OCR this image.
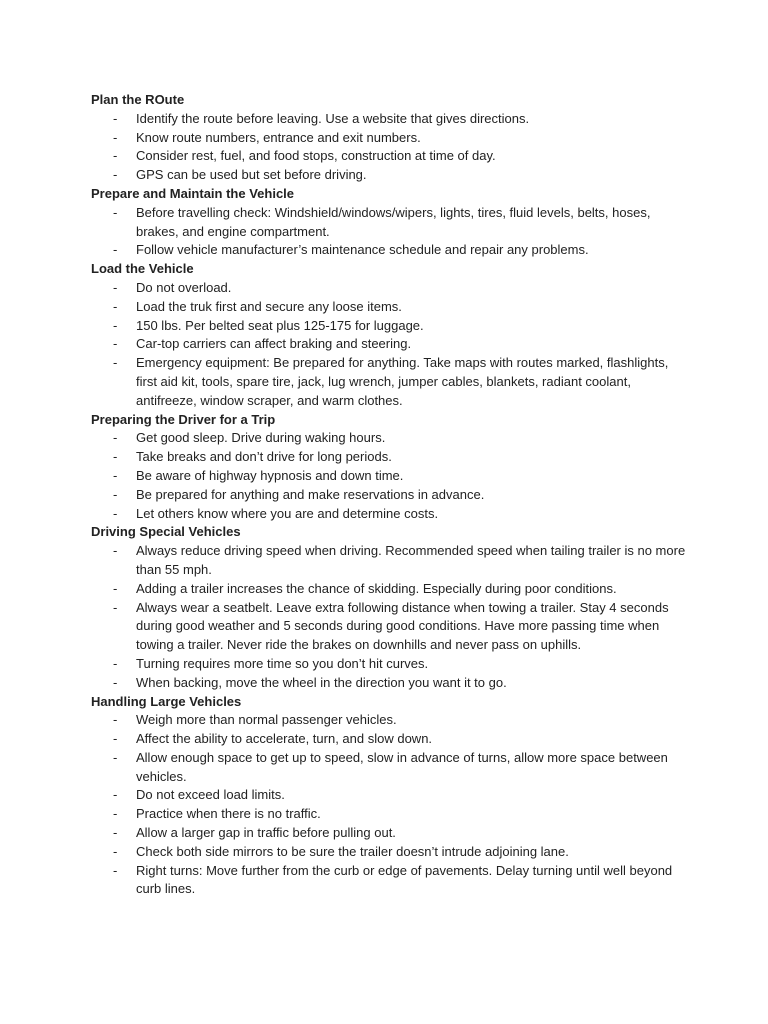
Plan the ROute
- Identify the route before leaving. Use a website that gives directions.
- Know route numbers, entrance and exit numbers.
- Consider rest, fuel, and food stops, construction at time of day.
- GPS can be used but set before driving.
Prepare and Maintain the Vehicle
- Before travelling check: Windshield/windows/wipers, lights, tires, fluid levels, belts, hoses, brakes, and engine compartment.
- Follow vehicle manufacturer’s maintenance schedule and repair any problems.
Load the Vehicle
- Do not overload.
- Load the truk first and secure any loose items.
- 150 lbs. Per belted seat plus 125-175 for luggage.
- Car-top carriers can affect braking and steering.
- Emergency equipment: Be prepared for anything. Take maps with routes marked, flashlights, first aid kit, tools, spare tire, jack, lug wrench, jumper cables, blankets, radiant coolant, antifreeze, window scraper, and warm clothes.
Preparing the Driver for a Trip
- Get good sleep. Drive during waking hours.
- Take breaks and don’t drive for long periods.
- Be aware of highway hypnosis and down time.
- Be prepared for anything and make reservations in advance.
- Let others know where you are and determine costs.
Driving Special Vehicles
- Always reduce driving speed when driving. Recommended speed when tailing trailer is no more than 55 mph.
- Adding a trailer increases the chance of skidding. Especially during poor conditions.
- Always wear a seatbelt. Leave extra following distance when towing a trailer. Stay 4 seconds during good weather and 5 seconds during good conditions. Have more passing time when towing a trailer. Never ride the brakes on downhills and never pass on uphills.
- Turning requires more time so you don’t hit curves.
- When backing, move the wheel in the direction you want it to go.
Handling Large Vehicles
- Weigh more than normal passenger vehicles.
- Affect the ability to accelerate, turn, and slow down.
- Allow enough space to get up to speed, slow in advance of turns, allow more space between vehicles.
- Do not exceed load limits.
- Practice when there is no traffic.
- Allow a larger gap in traffic before pulling out.
- Check both side mirrors to be sure the trailer doesn’t intrude adjoining lane.
- Right turns: Move further from the curb or edge of pavements. Delay turning until well beyond curb lines.
